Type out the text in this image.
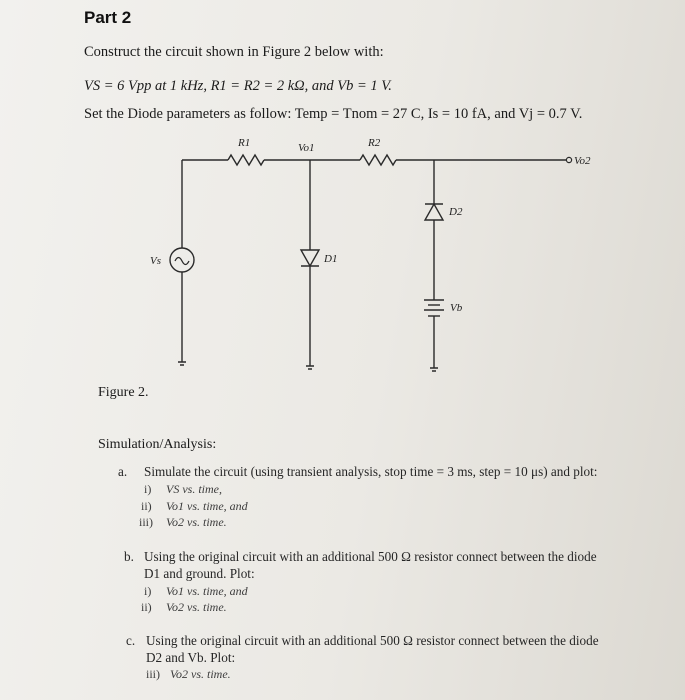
Part 2
Construct the circuit shown in Figure 2 below with:
VS = 6 Vpp at 1 kHz, R1 = R2 = 2 kΩ, and Vb = 1 V.
Set the Diode parameters as follow: Temp = Tnom = 27 C, Is = 10 fA, and Vj = 0.7 V.
R1	Vo1	R2
Vo2
D2
D1
Vs
Vb
Figure 2.
Simulation/Analysis:
a. Simulate the circuit (using transient analysis, stop time = 3 ms, step = 10 μs) and plot:
i) VS vs. time,
ii) Vo1 vs. time, and
iii) Vo2 vs. time.
b. Using the original circuit with an additional 500 Ω resistor connect between the diode
D1 and ground. Plot:
i) Vo1 vs. time, and
ii) Vo2 vs. time.
c. Using the original circuit with an additional 500 Ω resistor connect between the diode
D2 and Vb. Plot:
iii) Vo2 vs. time.
